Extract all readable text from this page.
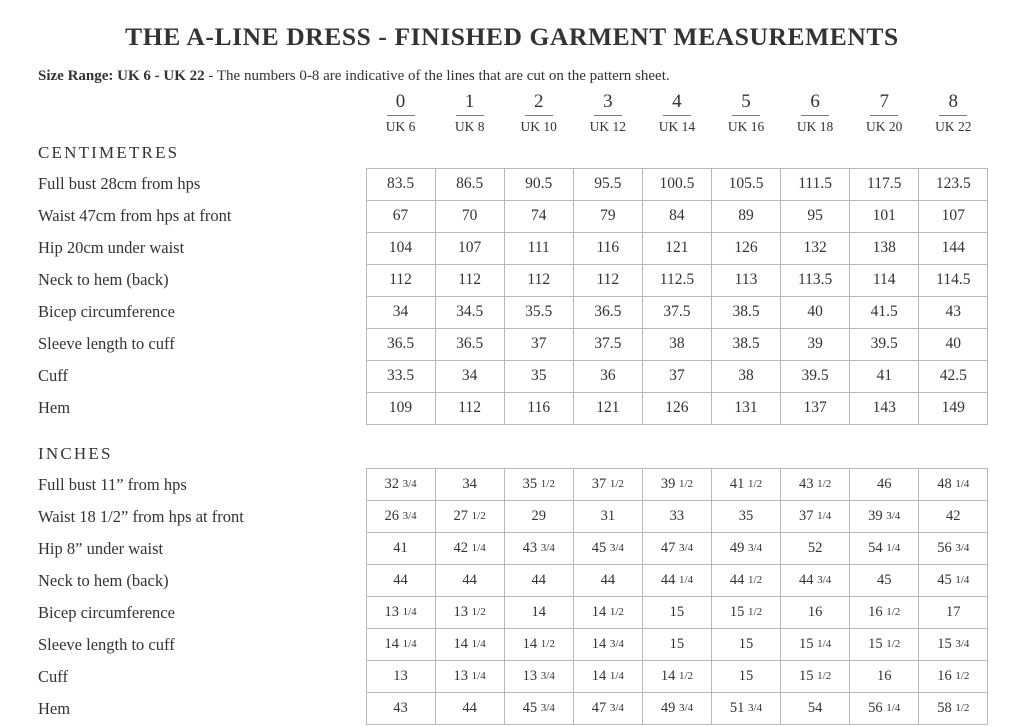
THE A-LINE DRESS - FINISHED GARMENT MEASUREMENTS
Size Range: UK 6 - UK 22 - The numbers 0-8 are indicative of the lines that are cut on the pattern sheet.
	0	1	2	3	4	5	6	7	8
	UK 6	UK 8	UK 10	UK 12	UK 14	UK 16	UK 18	UK 20	UK 22
CENTIMETRES									
Full bust 28cm from hps	83.5	86.5	90.5	95.5	100.5	105.5	111.5	117.5	123.5
Waist 47cm from hps at front	67	70	74	79	84	89	95	101	107
Hip 20cm under waist	104	107	111	116	121	126	132	138	144
Neck to hem (back)	112	112	112	112	112.5	113	113.5	114	114.5
Bicep circumference	34	34.5	35.5	36.5	37.5	38.5	40	41.5	43
Sleeve length to cuff	36.5	36.5	37	37.5	38	38.5	39	39.5	40
Cuff	33.5	34	35	36	37	38	39.5	41	42.5
Hem	109	112	116	121	126	131	137	143	149

INCHES									
Full bust 11” from hps	32 3/4	34	35 1/2	37 1/2	39 1/2	41 1/2	43 1/2	46	48 1/4
Waist 18 1/2” from hps at front	26 3/4	27 1/2	29	31	33	35	37 1/4	39 3/4	42
Hip 8” under waist	41	42 1/4	43 3/4	45 3/4	47 3/4	49 3/4	52	54 1/4	56 3/4
Neck to hem (back)	44	44	44	44	44 1/4	44 1/2	44 3/4	45	45 1/4
Bicep circumference	13 1/4	13 1/2	14	14 1/2	15	15 1/2	16	16 1/2	17
Sleeve length to cuff	14 1/4	14 1/4	14 1/2	14 3/4	15	15	15 1/4	15 1/2	15 3/4
Cuff	13	13 1/4	13 3/4	14 1/4	14 1/2	15	15 1/2	16	16 1/2
Hem	43	44	45 3/4	47 3/4	49 3/4	51 3/4	54	56 1/4	58 1/2
